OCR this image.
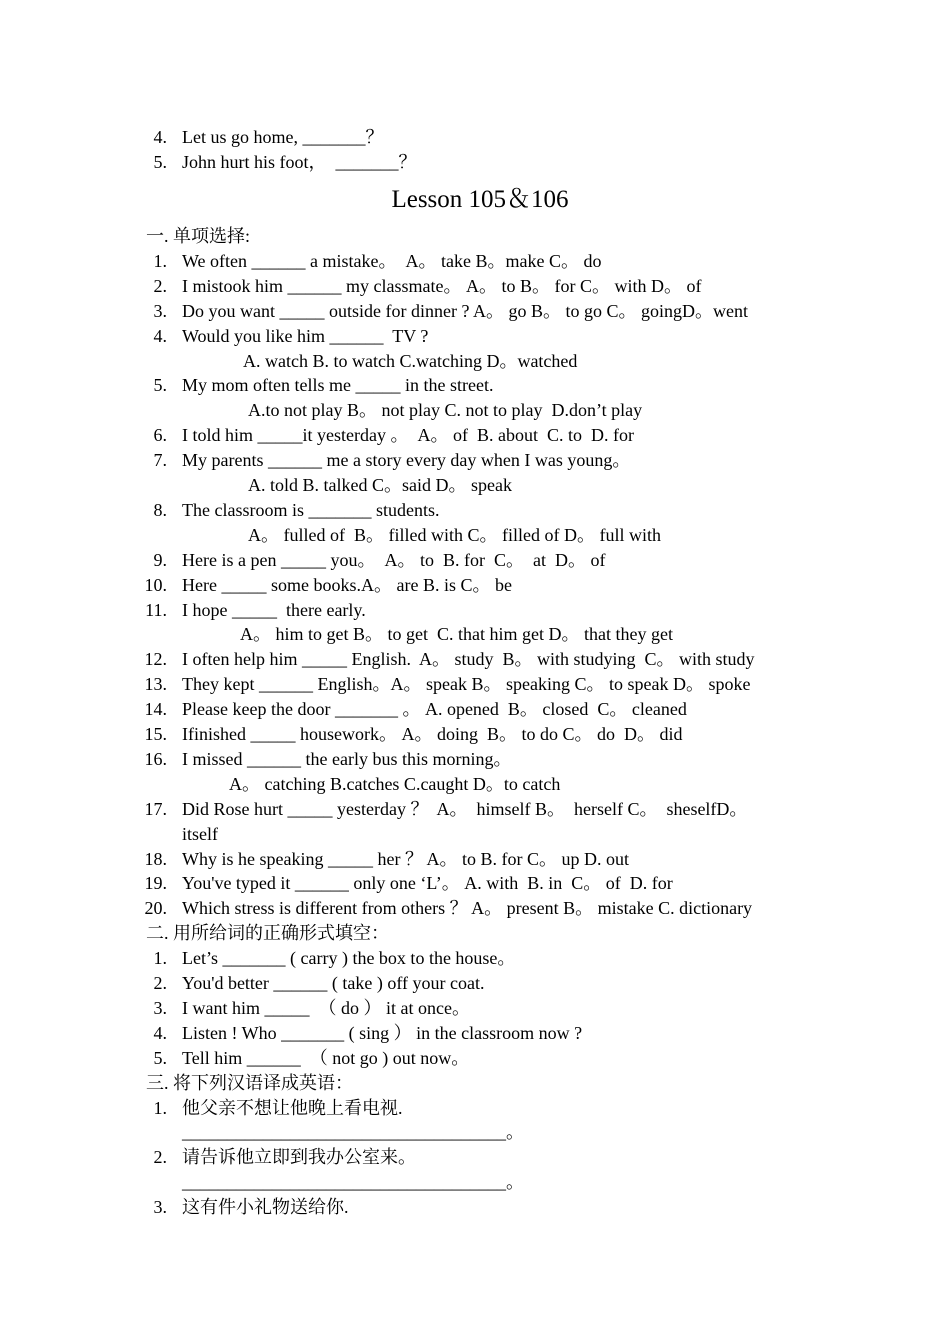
4. Let us go home, _______？
5. John hurt his foot，  _______？
Lesson 105＆106
一. 单项选择:
1. We often ______ a mistake。  A。 take B。make C。 do
2. I mistook him ______ my classmate。 A。 to B。 for C。 with D。 of
3. Do you want _____ outside for dinner ? A。 go B。 to go C。 goingD。went
4. Would you like him ______  TV ?
A. watch B. to watch C.watching D。watched
5. My mom often tells me _____ in the street.
A.to not play B。 not play C. not to play  D.don’t play
6. I told him _____it yesterday 。  A。 of  B. about  C. to  D. for
7. My parents ______ me a story every day when I was young。
A. told B. talked C。said D。 speak
8. The classroom is _______ students.
A。 fulled of  B。 filled with C。 filled of D。 full with
9. Here is a pen _____ you。  A。 to  B. for  C。  at  D。 of
10. Here _____ some books.A。 are B. is C。 be
11. I hope _____  there early.
A。 him to get B。 to get  C. that him get D。 that they get
12. I often help him _____ English.  A。 study  B。 with studying  C。 with study
13. They kept ______ English。A。 speak B。 speaking C。 to speak D。 spoke
14. Please keep the door _______ 。 A. opened  B。 closed  C。 cleaned
15. Ifinished _____ housework。 A。 doing  B。 to do C。 do  D。 did
16. I missed ______ the early bus this morning。
A。 catching B.catches C.caught D。to catch
17. Did Rose hurt _____ yesterday ？  A。  himself B。  herself C。  sheselfD。
itself
18. Why is he speaking _____ her ？ A。 to B. for C。 up D. out
19. You've typed it ______ only one ‘L’。 A. with  B. in  C。 of  D. for
20. Which stress is different from others ？ A。 present B。 mistake C. dictionary
二. 用所给词的正确形式填空：
1. Let’s _______ ( carry ) the box to the house。
2. You'd better ______ ( take ) off your coat.
3. I want him _____  （ do ） it at once。
4. Listen ! Who _______ ( sing ） in the classroom now ?
5. Tell him ______  （ not go ) out now。
三. 将下列汉语译成英语：
1. 他父亲不想让他晚上看电视.
____________________________________。
2. 请告诉他立即到我办公室来。
____________________________________。
3. 这有件小礼物送给你.
